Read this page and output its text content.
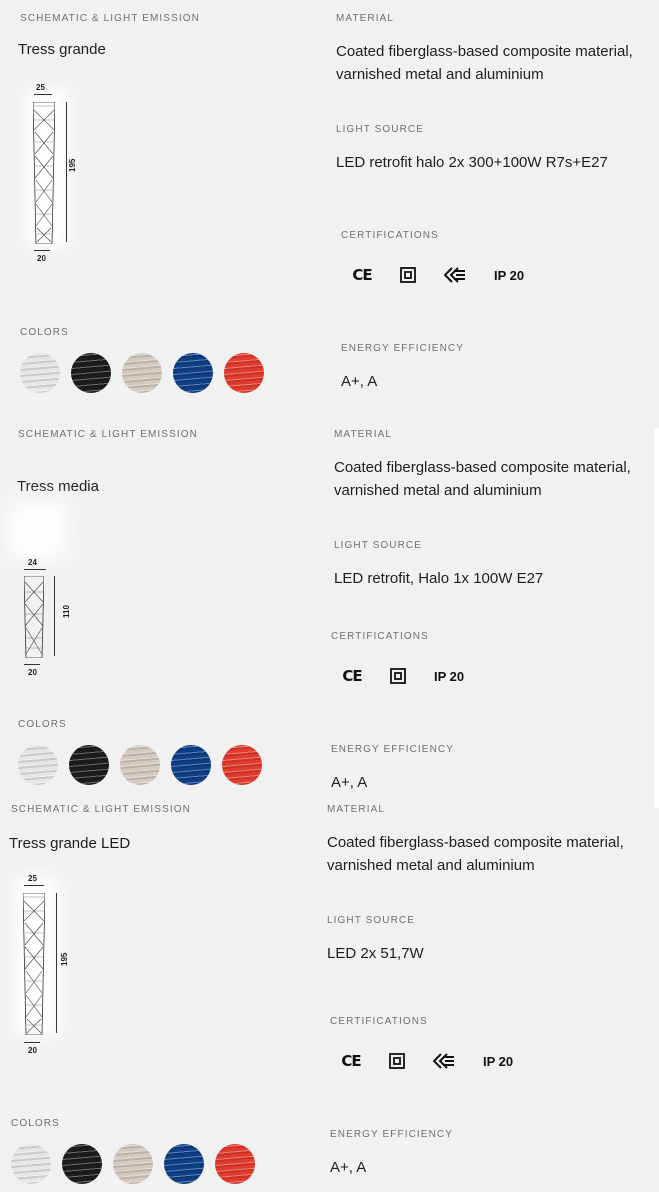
SCHEMATIC & LIGHT EMISSION
Tress grande
25
195
20
COLORS
MATERIAL
Coated fiberglass-based composite material, varnished metal and aluminium
LIGHT SOURCE
LED retrofit halo 2x 300+100W R7s+E27
CERTIFICATIONS
CE	IP 20
ENERGY EFFICIENCY
A+, A
SCHEMATIC & LIGHT EMISSION
Tress media
24
110
20
COLORS
MATERIAL
Coated fiberglass-based composite material, varnished metal and aluminium
LIGHT SOURCE
LED retrofit, Halo 1x 100W E27
CERTIFICATIONS
CE	IP 20
ENERGY EFFICIENCY
A+, A
SCHEMATIC & LIGHT EMISSION
Tress grande LED
25
195
20
COLORS
MATERIAL
Coated fiberglass-based composite material, varnished metal and aluminium
LIGHT SOURCE
LED 2x 51,7W
CERTIFICATIONS
CE	IP 20
ENERGY EFFICIENCY
A+, A
